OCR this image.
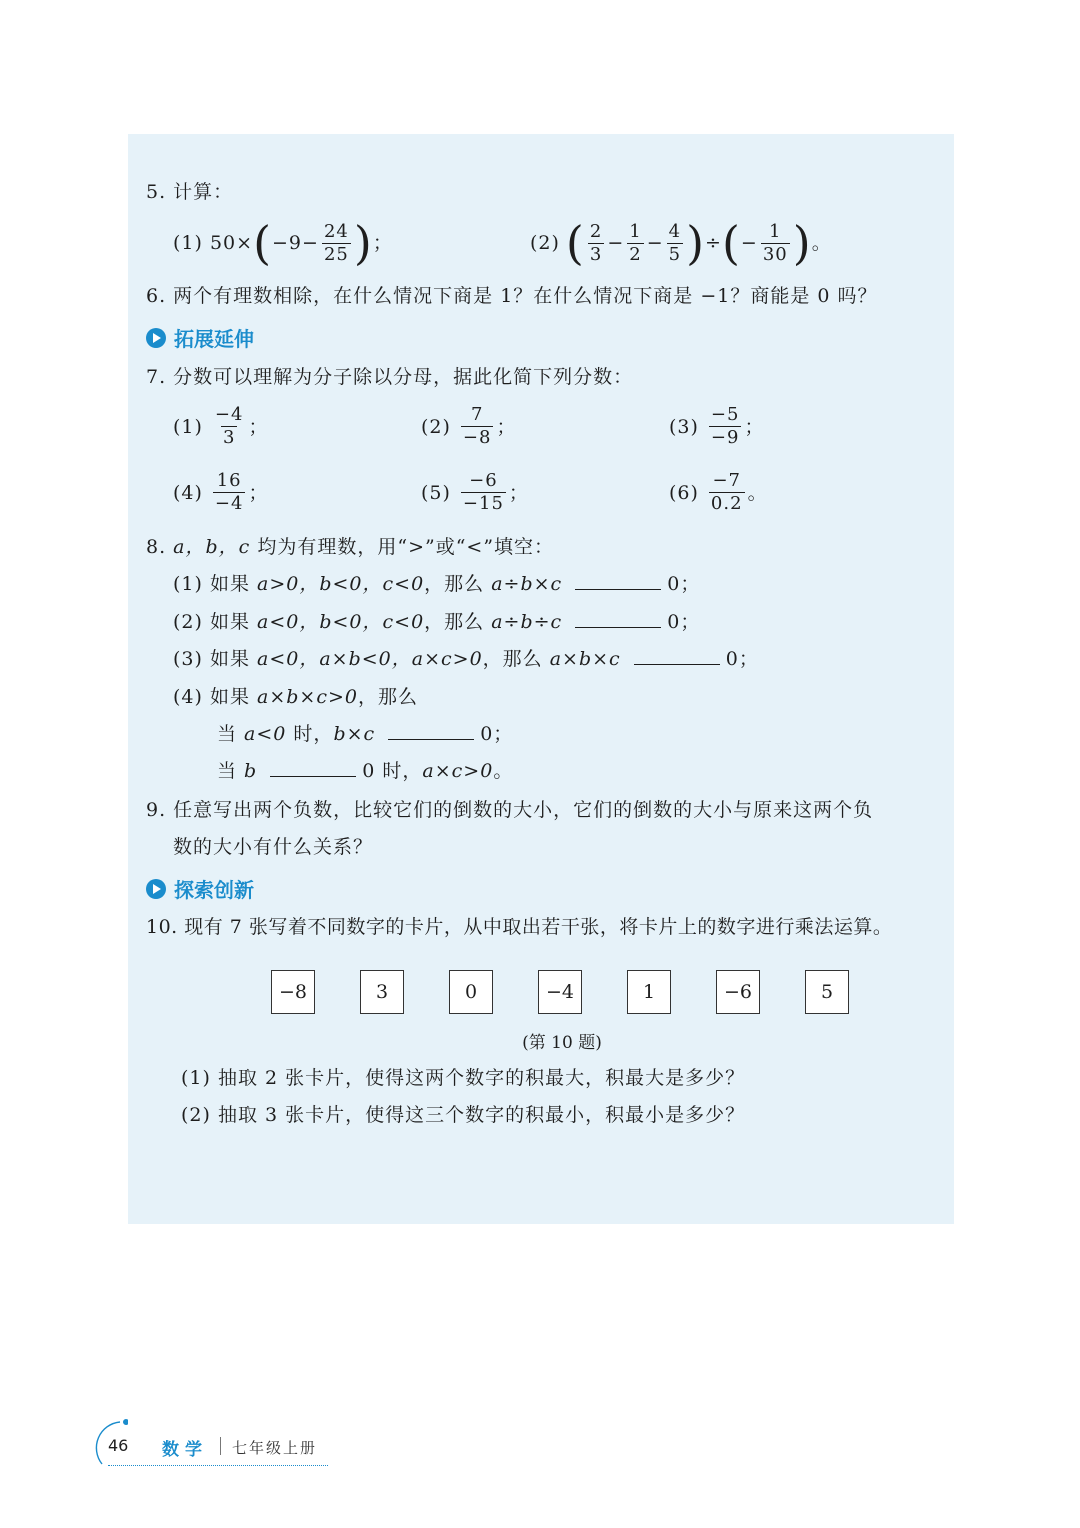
5. 计算：
(1) 50× ( $-9- \frac{24}{25}$ ) ；	(2) ( $\frac{2}{3} - \frac{1}{2} - \frac{4}{5}$ ) ÷ ( − $\frac{1}{30}$ ) 。
6. 两个有理数相除，在什么情况下商是 1？在什么情况下商是 −1？商能是 0 吗？
拓展延伸
7. 分数可以理解为分子除以分母，据此化简下列分数：
$(1) \frac{-4}{3}$ ；	$(2) \frac{7}{-8}$ ；	$(3) \frac{-5}{-9}$ ；
$(4) \frac{16}{-4}$ ；	$(5) \frac{-6}{-15}$ ；	$(6) \frac{-7}{0.2}$ 。
8. a，b，c 均为有理数，用“>”或“<”填空：
(1) 如果 a>0，b<0，c<0，那么 a÷b×c	0；
(2) 如果 a<0，b<0，c<0，那么 a÷b÷c	0；
(3) 如果 a<0，a×b<0，a×c>0，那么 a×b×c	0；
(4) 如果 a×b×c>0，那么
当 a<0 时，b×c	0；
当 b	0 时，a×c>0。
9. 任意写出两个负数，比较它们的倒数的大小，它们的倒数的大小与原来这两个负
数的大小有什么关系？
探索创新
10. 现有 7 张写着不同数字的卡片，从中取出若干张，将卡片上的数字进行乘法运算。
−8	3	0	−4	1	−6	5
(第 10 题)
(1) 抽取 2 张卡片，使得这两个数字的积最大，积最大是多少？
(2) 抽取 3 张卡片，使得这三个数字的积最小，积最小是多少？
46 数学 七年级上册
